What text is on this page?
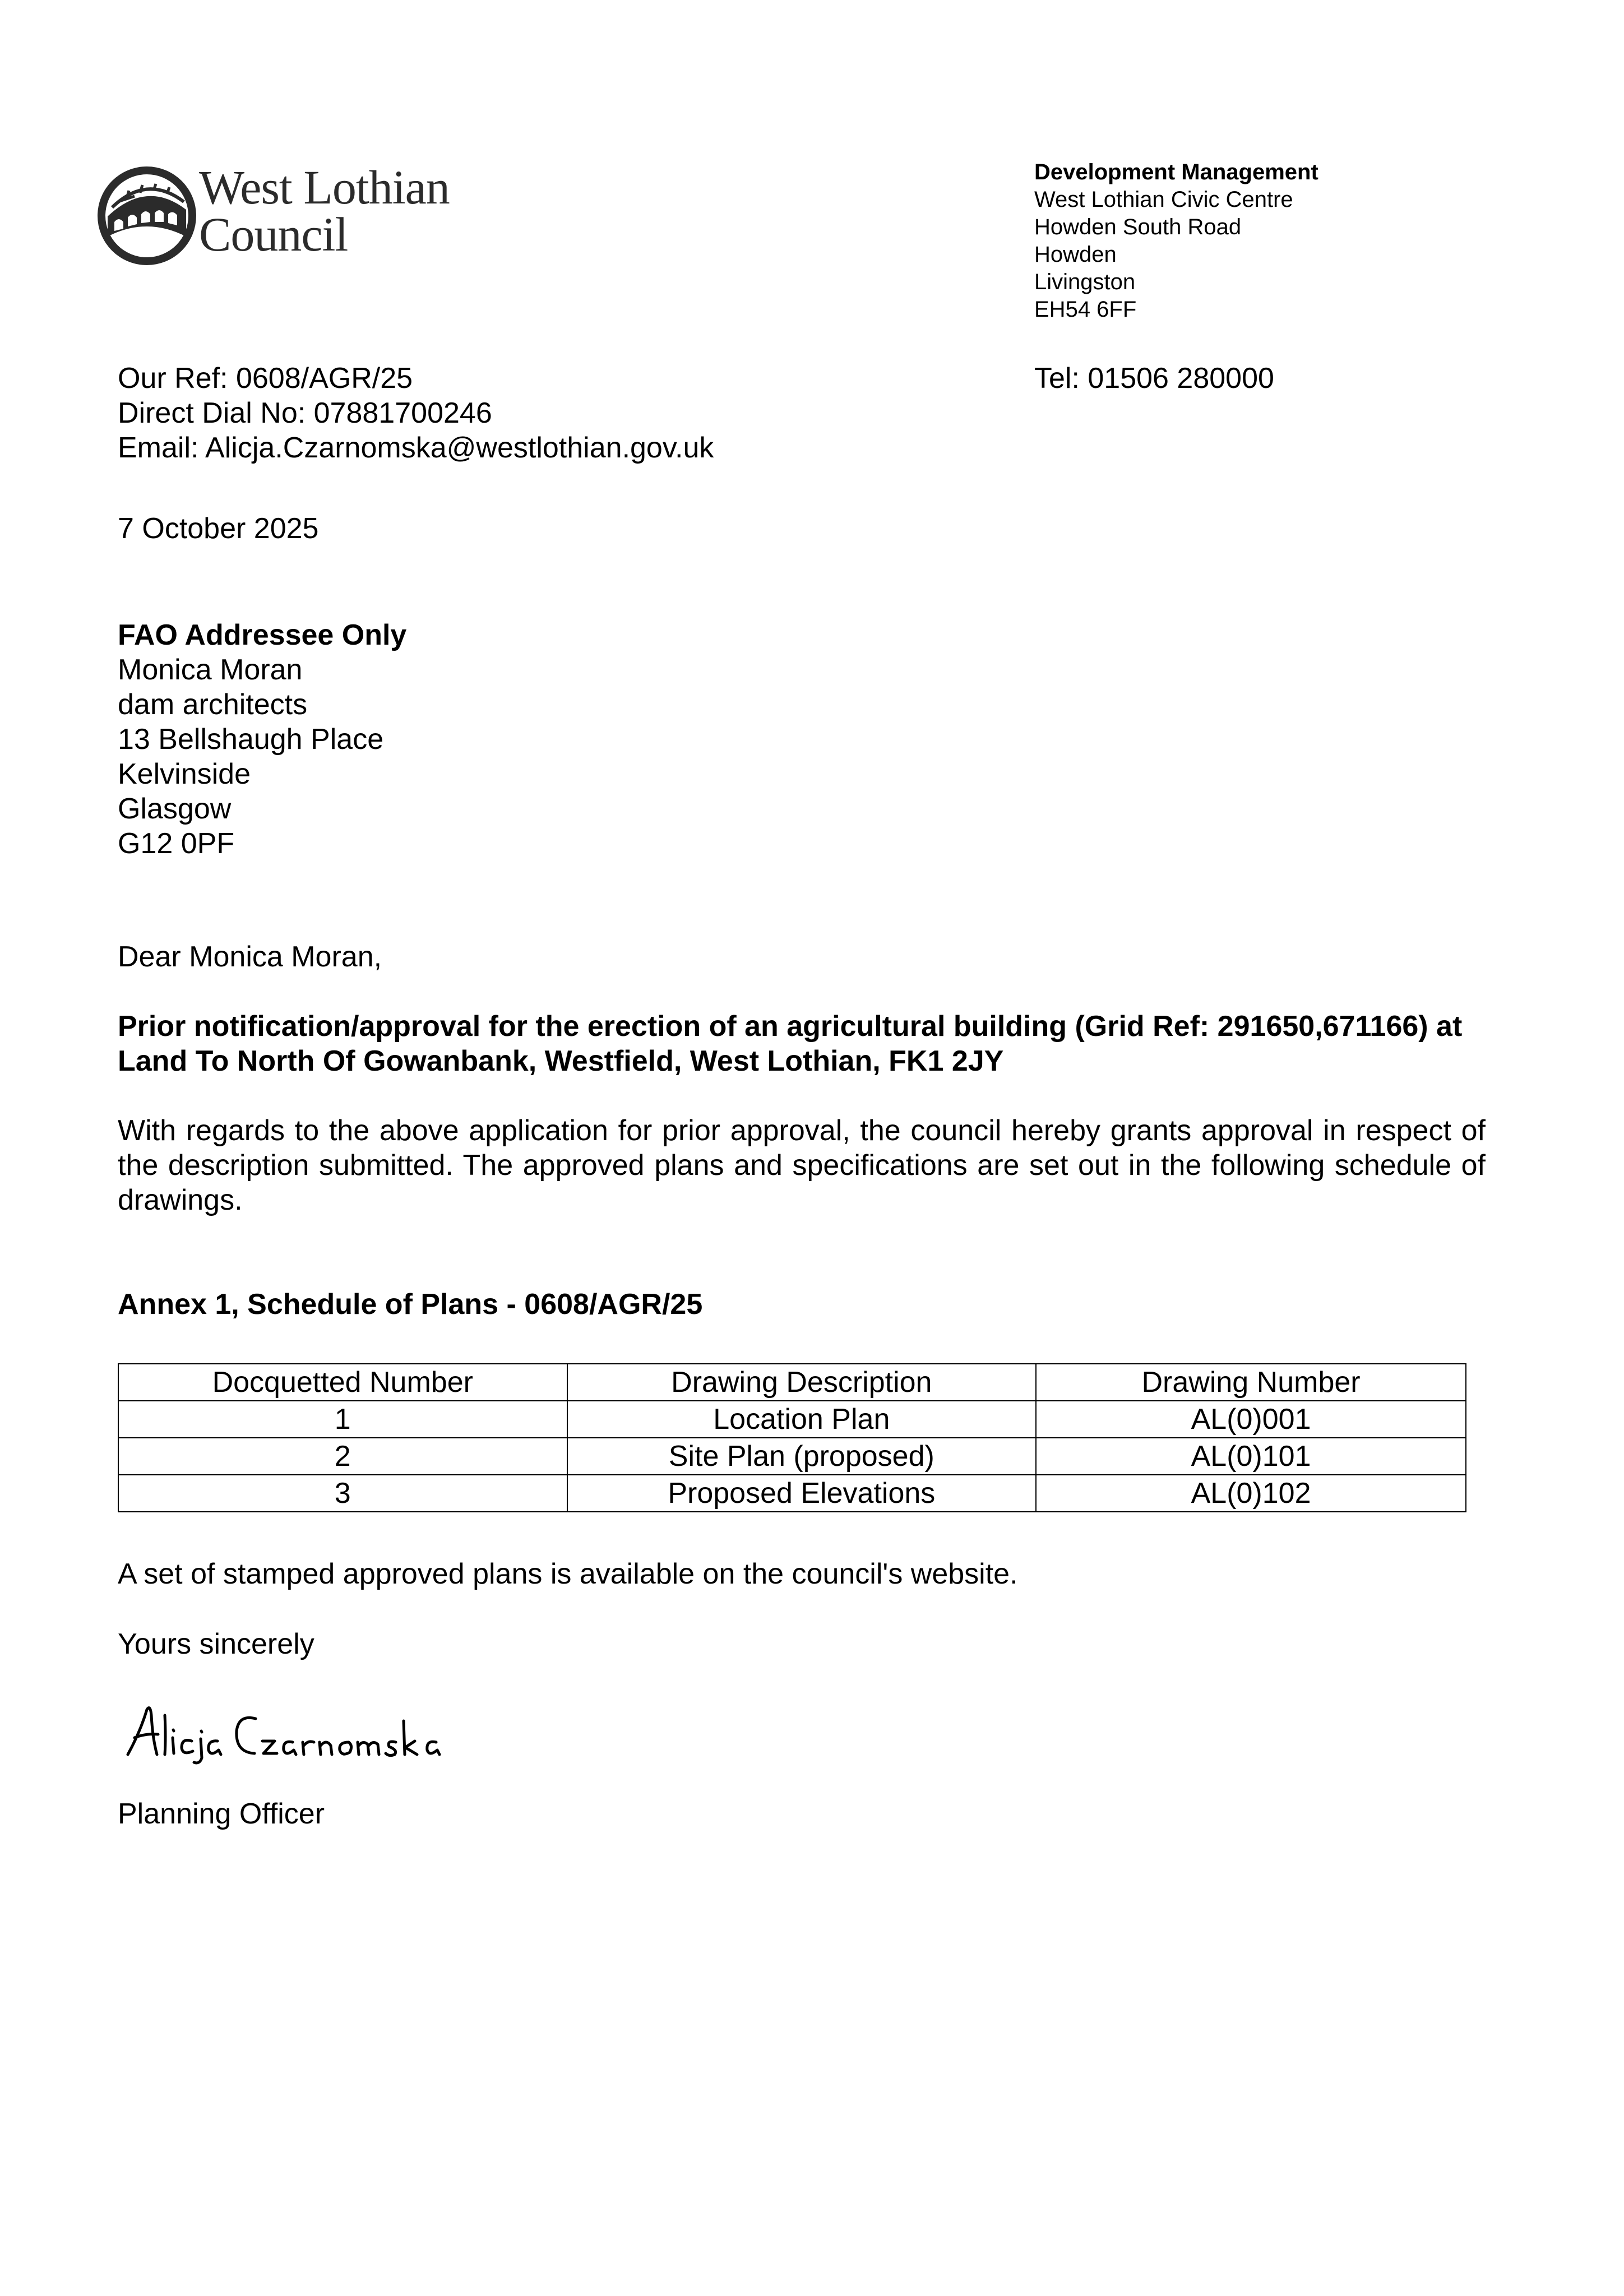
West Lothian
Council
Development Management
West Lothian Civic Centre
Howden South Road
Howden
Livingston
EH54 6FF
Our Ref: 0608/AGR/25
Direct Dial No: 07881700246
Email: Alicja.Czarnomska@westlothian.gov.uk
Tel: 01506 280000
7 October 2025
FAO Addressee Only
Monica Moran
dam architects
13 Bellshaugh Place
Kelvinside
Glasgow
G12 0PF
Dear Monica Moran,
Prior notification/approval for the erection of an agricultural building (Grid Ref: 291650,671166) at Land To North Of Gowanbank, Westfield, West Lothian, FK1 2JY
With regards to the above application for prior approval, the council hereby grants approval in respect of the description submitted. The approved plans and specifications are set out in the following schedule of drawings.
Annex 1, Schedule of Plans - 0608/AGR/25
Docquetted Number	Drawing Description	Drawing Number
1	Location Plan	AL(0)001
2	Site Plan (proposed)	AL(0)101
3	Proposed Elevations	AL(0)102
A set of stamped approved plans is available on the council's website.
Yours sincerely
Planning Officer
